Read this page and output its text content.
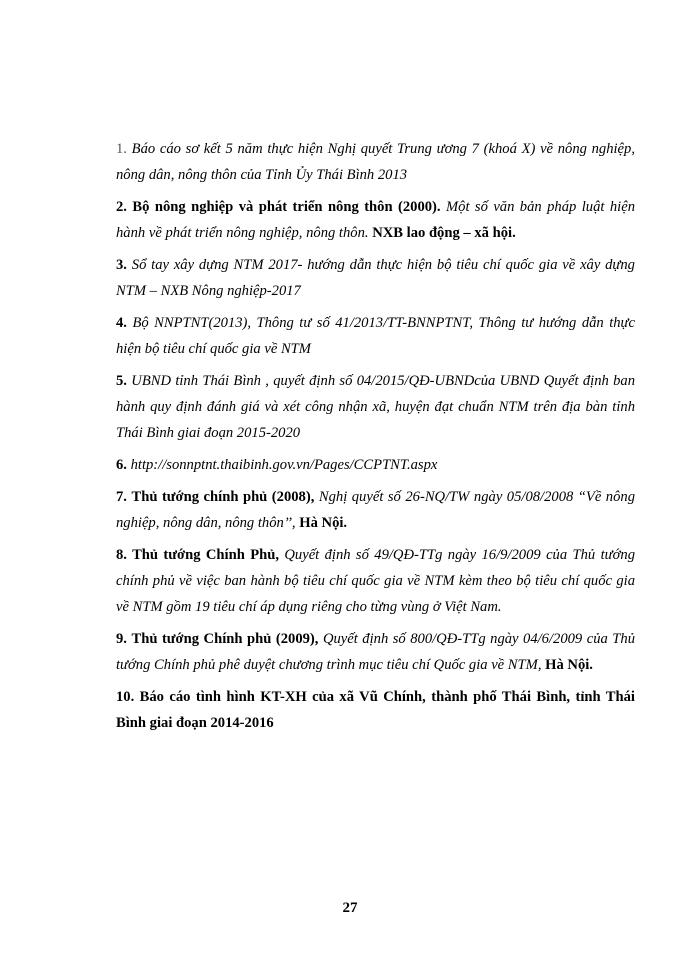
1. Báo cáo sơ kết 5 năm thực hiện Nghị quyết Trung ương 7 (khoá X) về nông nghiệp, nông dân, nông thôn của Tỉnh Ủy Thái Bình 2013

2. Bộ nông nghiệp và phát triển nông thôn (2000). Một số văn bản pháp luật hiện hành về phát triển nông nghiệp, nông thôn. NXB lao động – xã hội.

3. Sổ tay xây dựng NTM 2017- hướng dẫn thực hiện bộ tiêu chí quốc gia về xây dựng NTM – NXB Nông nghiệp-2017

4. Bộ NNPTNT(2013), Thông tư số 41/2013/TT-BNNPTNT, Thông tư hướng dẫn thực hiện bộ tiêu chí quốc gia về NTM

5. UBND tỉnh Thái Bình , quyết định số 04/2015/QĐ-UBNDcủa UBND Quyết định ban hành quy định đánh giá và xét công nhận xã, huyện đạt chuẩn NTM trên địa bàn tỉnh Thái Bình giai đoạn 2015-2020

6. http://sonnptnt.thaibinh.gov.vn/Pages/CCPTNT.aspx

7. Thủ tướng chính phủ (2008), Nghị quyết số 26-NQ/TW ngày 05/08/2008 “Về nông nghiệp, nông dân, nông thôn’’, Hà Nội.

8. Thủ tướng Chính Phủ, Quyết định số 49/QĐ-TTg ngày 16/9/2009 của Thủ tướng chính phủ về việc ban hành bộ tiêu chí quốc gia về NTM kèm theo bộ tiêu chí quốc gia về NTM gồm 19 tiêu chí áp dụng riêng cho từng vùng ở Việt Nam.

9. Thủ tướng Chính phủ (2009), Quyết định số 800/QĐ-TTg ngày 04/6/2009 của Thủ tướng Chính phủ phê duyệt chương trình mục tiêu chí Quốc gia về NTM, Hà Nội.

10. Báo cáo tình hình KT-XH của xã Vũ Chính, thành phố Thái Bình, tỉnh Thái Bình giai đoạn 2014-2016

27
